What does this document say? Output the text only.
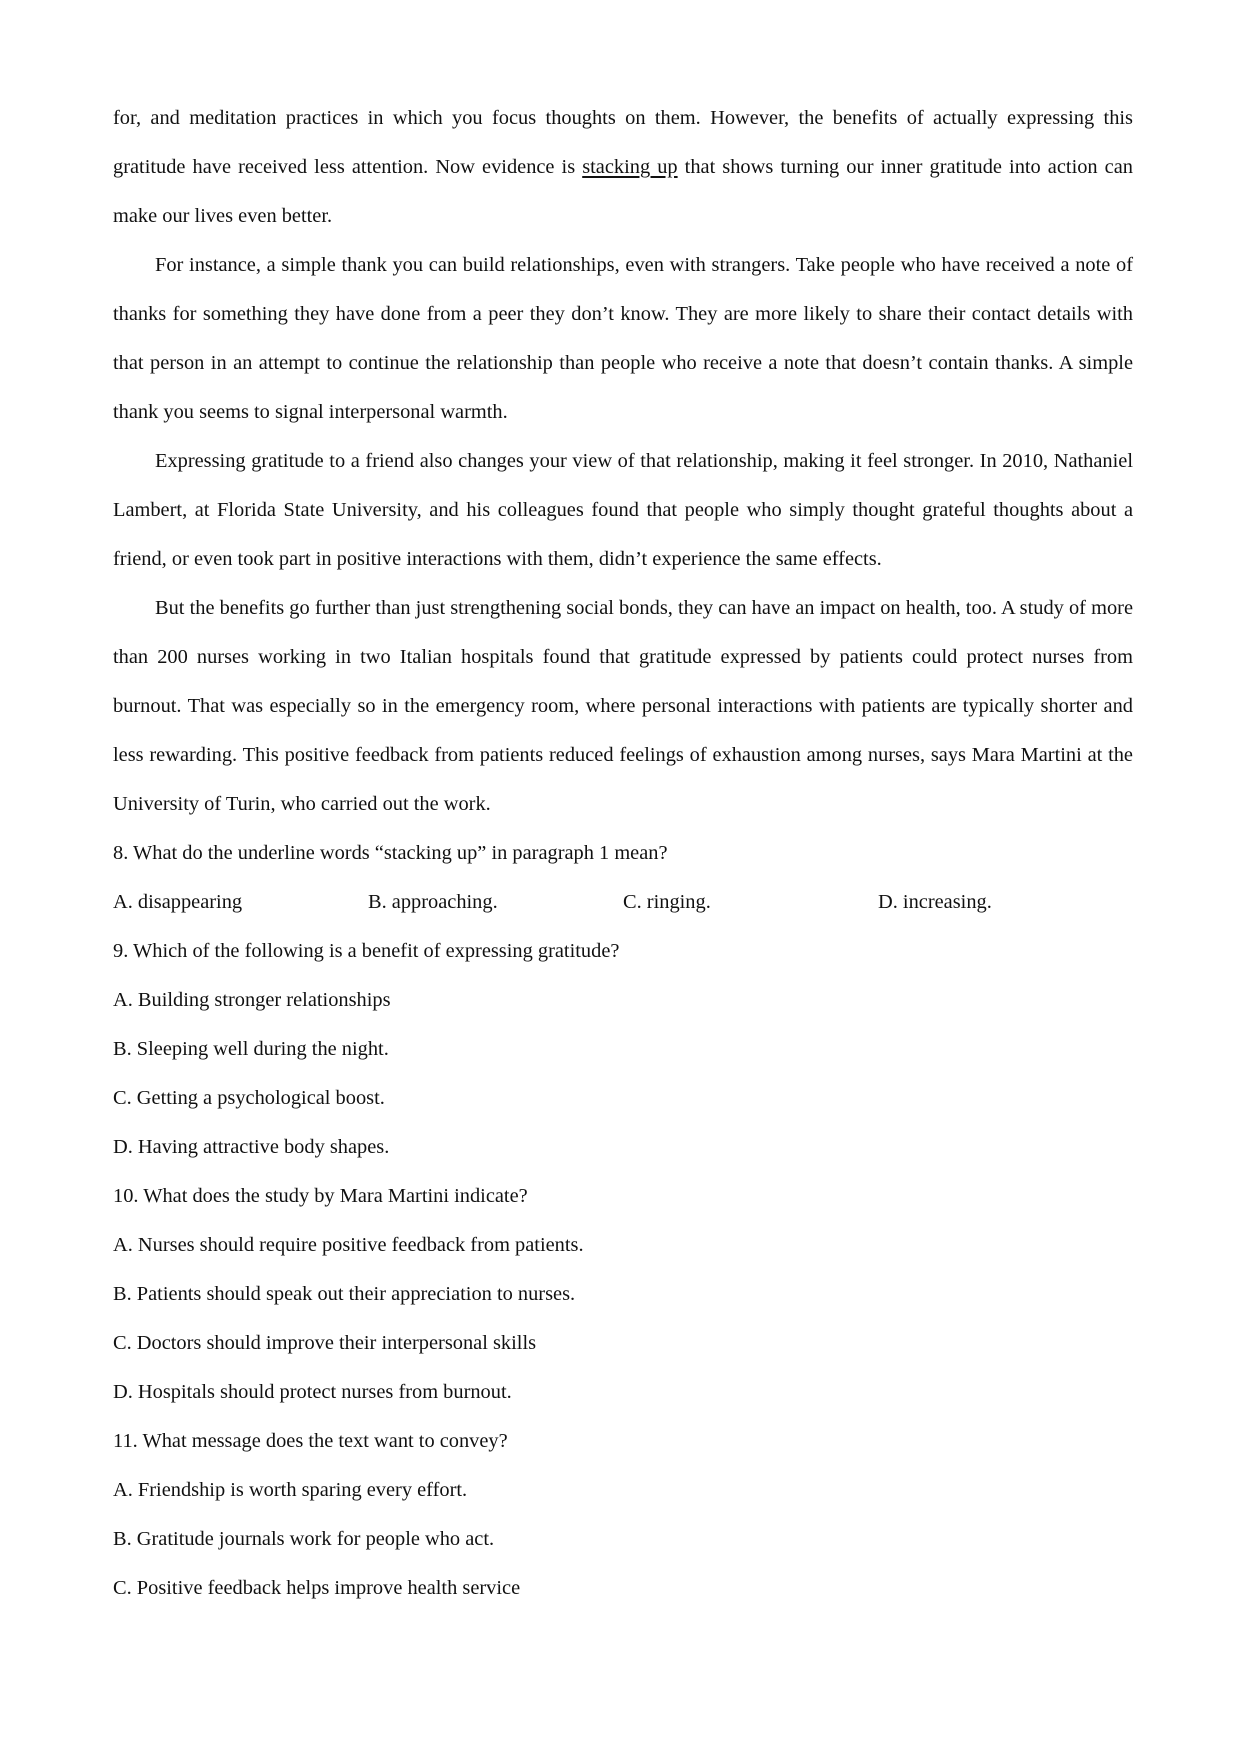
for, and meditation practices in which you focus thoughts on them. However, the benefits of actually expressing this gratitude have received less attention. Now evidence is stacking up that shows turning our inner gratitude into action can make our lives even better.

For instance, a simple thank you can build relationships, even with strangers. Take people who have received a note of thanks for something they have done from a peer they don’t know. They are more likely to share their contact details with that person in an attempt to continue the relationship than people who receive a note that doesn’t contain thanks. A simple thank you seems to signal interpersonal warmth.

Expressing gratitude to a friend also changes your view of that relationship, making it feel stronger. In 2010, Nathaniel Lambert, at Florida State University, and his colleagues found that people who simply thought grateful thoughts about a friend, or even took part in positive interactions with them, didn’t experience the same effects.

But the benefits go further than just strengthening social bonds, they can have an impact on health, too. A study of more than 200 nurses working in two Italian hospitals found that gratitude expressed by patients could protect nurses from burnout. That was especially so in the emergency room, where personal interactions with patients are typically shorter and less rewarding. This positive feedback from patients reduced feelings of exhaustion among nurses, says Mara Martini at the University of Turin, who carried out the work.

8. What do the underline words “stacking up” in paragraph 1 mean?

A. disappearing	B. approaching.	C. ringing.	D. increasing.

9. Which of the following is a benefit of expressing gratitude?

A. Building stronger relationships

B. Sleeping well during the night.

C. Getting a psychological boost.

D. Having attractive body shapes.

10. What does the study by Mara Martini indicate?

A. Nurses should require positive feedback from patients.

B. Patients should speak out their appreciation to nurses.

C. Doctors should improve their interpersonal skills

D. Hospitals should protect nurses from burnout.

11. What message does the text want to convey?

A. Friendship is worth sparing every effort.

B. Gratitude journals work for people who act.

C. Positive feedback helps improve health service
